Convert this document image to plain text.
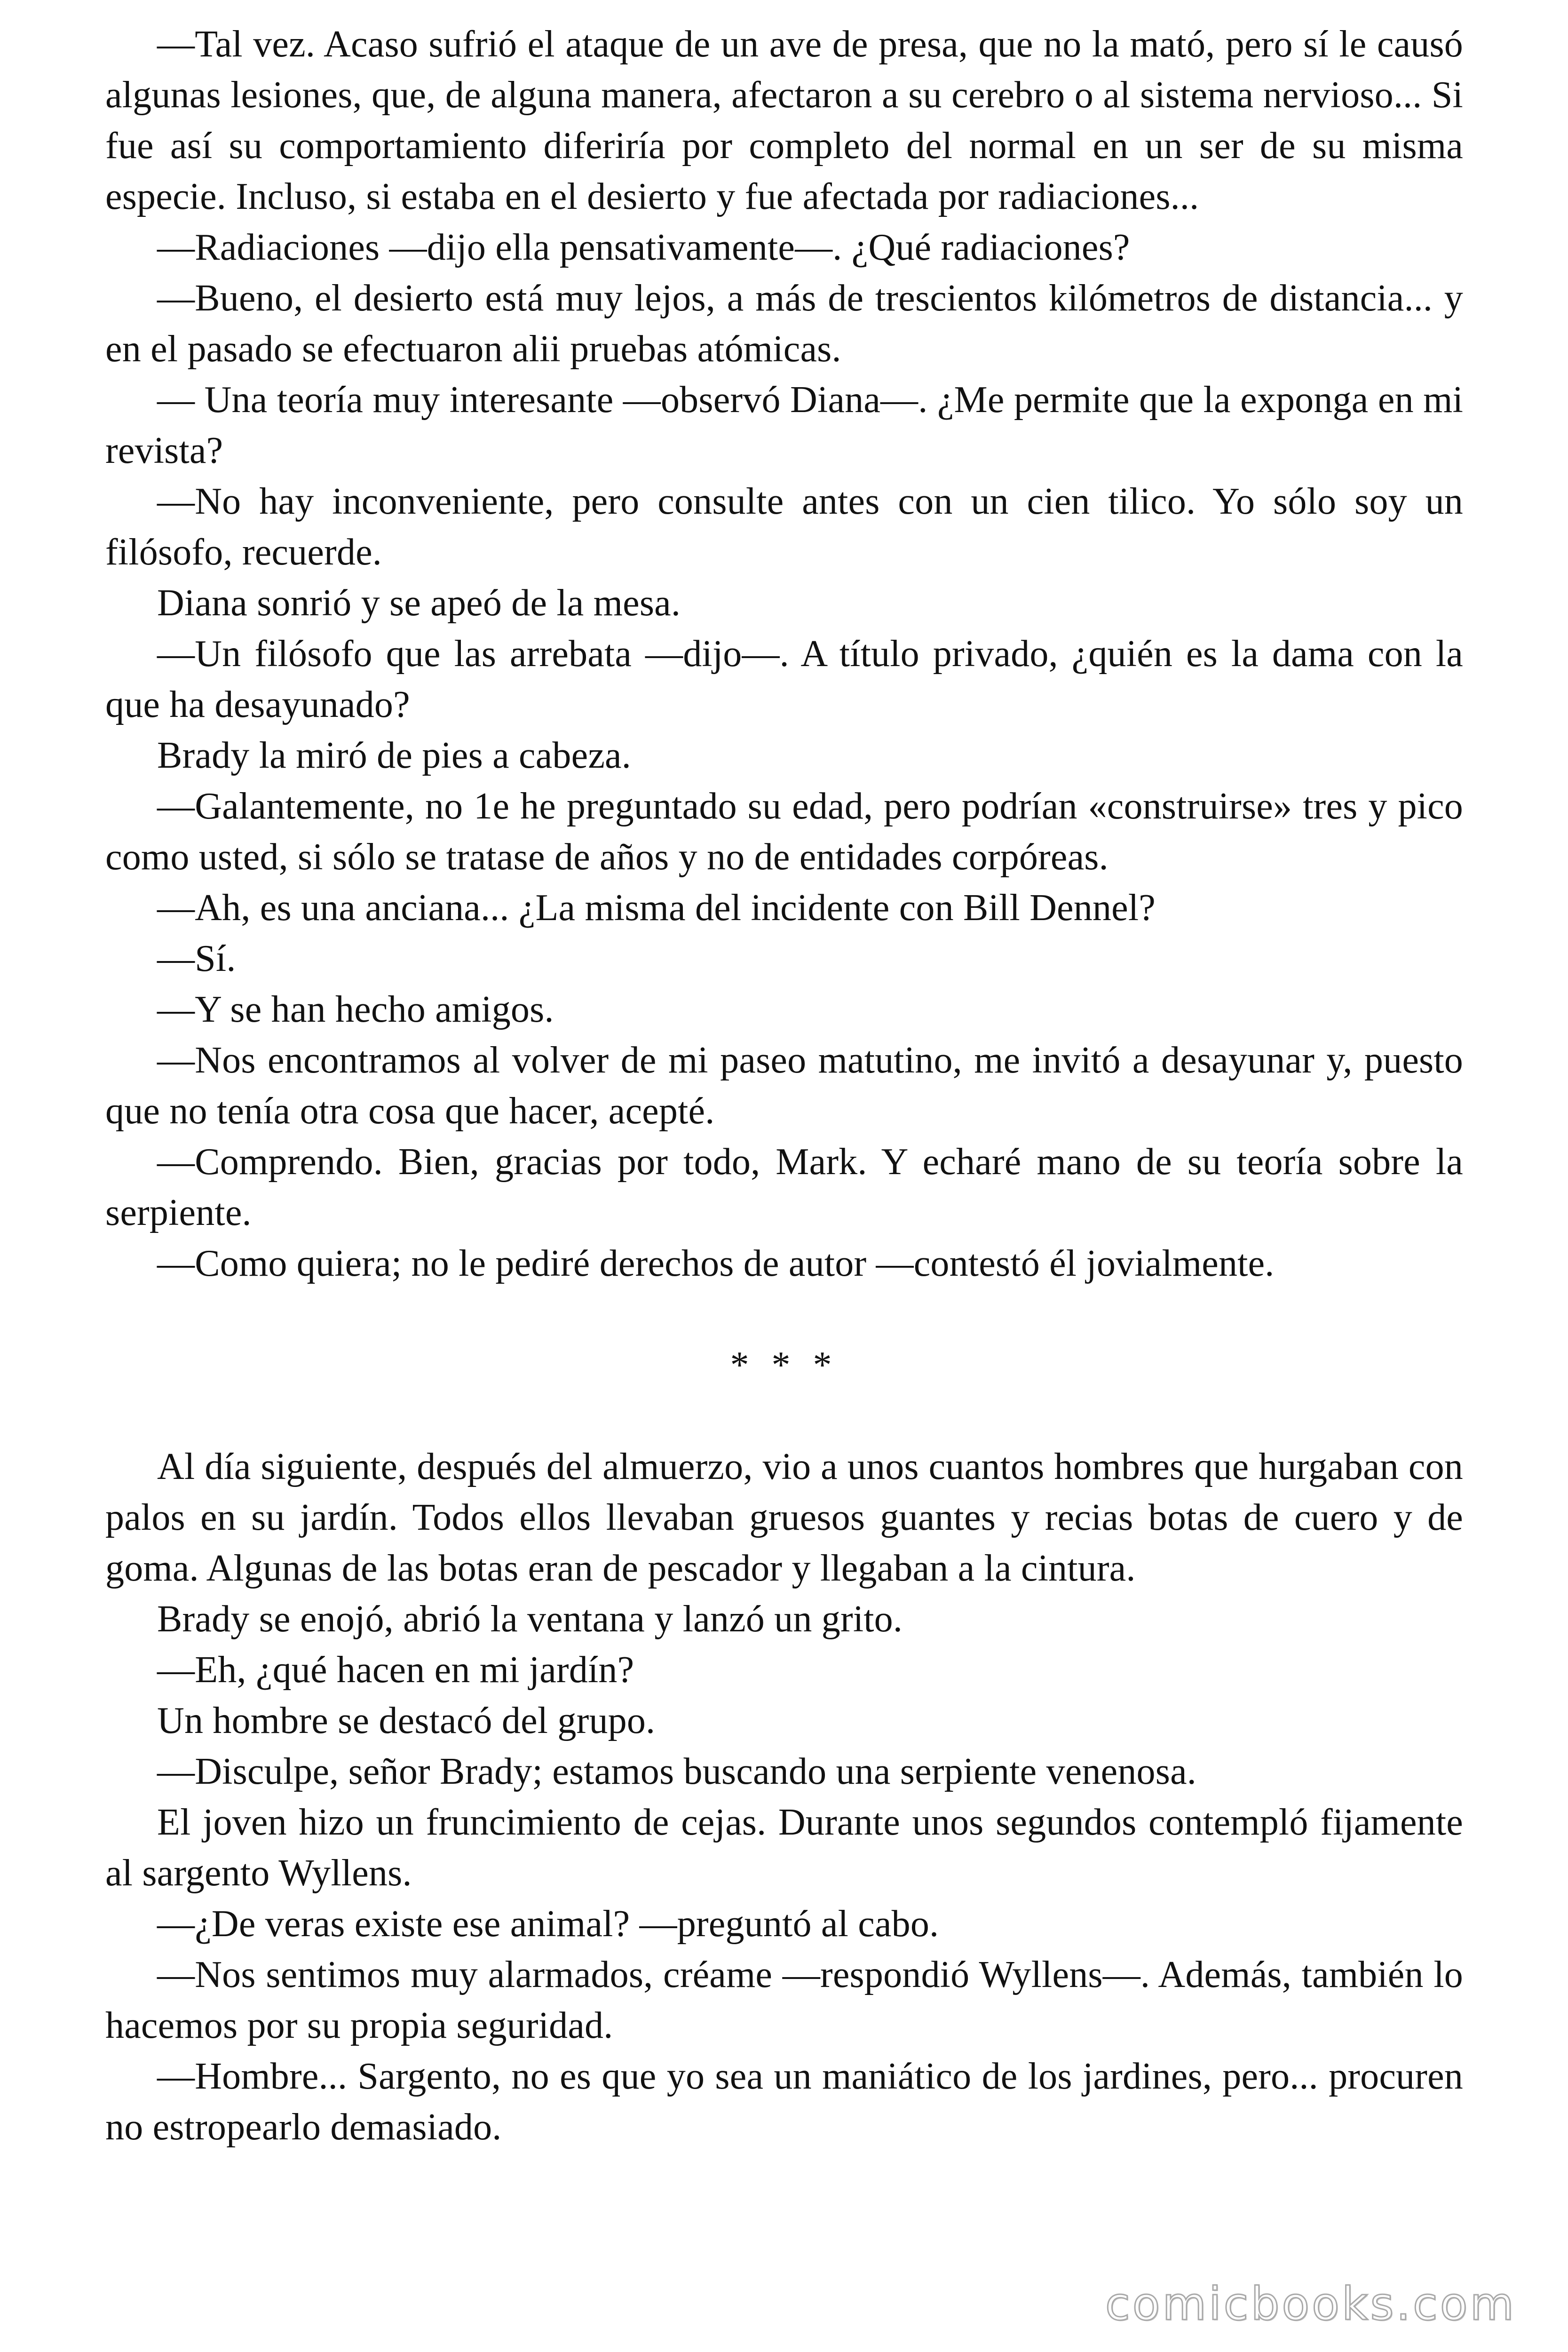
—Tal vez. Acaso sufrió el ataque de un ave de presa, que no la mató, pero sí le causó algunas lesiones, que, de alguna manera, afectaron a su cerebro o al sistema nervioso... Si fue así su comportamiento diferiría por completo del normal en un ser de su misma especie. Incluso, si estaba en el desierto y fue afectada por radiaciones...

—Radiaciones —dijo ella pensativamente—. ¿Qué radiaciones?

—Bueno, el desierto está muy lejos, a más de trescientos kilómetros de distancia... y en el pasado se efectuaron alii pruebas atómicas.

— Una teoría muy interesante —observó Diana—. ¿Me permite que la exponga en mi revista?

—No hay inconveniente, pero consulte antes con un cien tilico. Yo sólo soy un filósofo, recuerde.

Diana sonrió y se apeó de la mesa.

—Un filósofo que las arrebata —dijo—. A título privado, ¿quién es la dama con la que ha desayunado?

Brady la miró de pies a cabeza.

—Galantemente, no 1e he preguntado su edad, pero podrían «construirse» tres y pico como usted, si sólo se tratase de años y no de entidades corpóreas.

—Ah, es una anciana... ¿La misma del incidente con Bill Dennel?

—Sí.

—Y se han hecho amigos.

—Nos encontramos al volver de mi paseo matutino, me invitó a desayunar y, puesto que no tenía otra cosa que hacer, acepté.

—Comprendo. Bien, gracias por todo, Mark. Y echaré mano de su teoría sobre la serpiente.

—Como quiera; no le pediré derechos de autor —contestó él jovialmente.

* * *

Al día siguiente, después del almuerzo, vio a unos cuantos hombres que hurgaban con palos en su jardín. Todos ellos llevaban gruesos guantes y recias botas de cuero y de goma. Algunas de las botas eran de pescador y llegaban a la cintura.

Brady se enojó, abrió la ventana y lanzó un grito.

—Eh, ¿qué hacen en mi jardín?

Un hombre se destacó del grupo.

—Disculpe, señor Brady; estamos buscando una serpiente venenosa.

El joven hizo un fruncimiento de cejas. Durante unos segundos contempló fijamente al sargento Wyllens.

—¿De veras existe ese animal? —preguntó al cabo.

—Nos sentimos muy alarmados, créame —respondió Wyllens—. Además, también lo hacemos por su propia seguridad.

—Hombre... Sargento, no es que yo sea un maniático de los jardines, pero... procuren no estropearlo demasiado.

comicbooks.com
